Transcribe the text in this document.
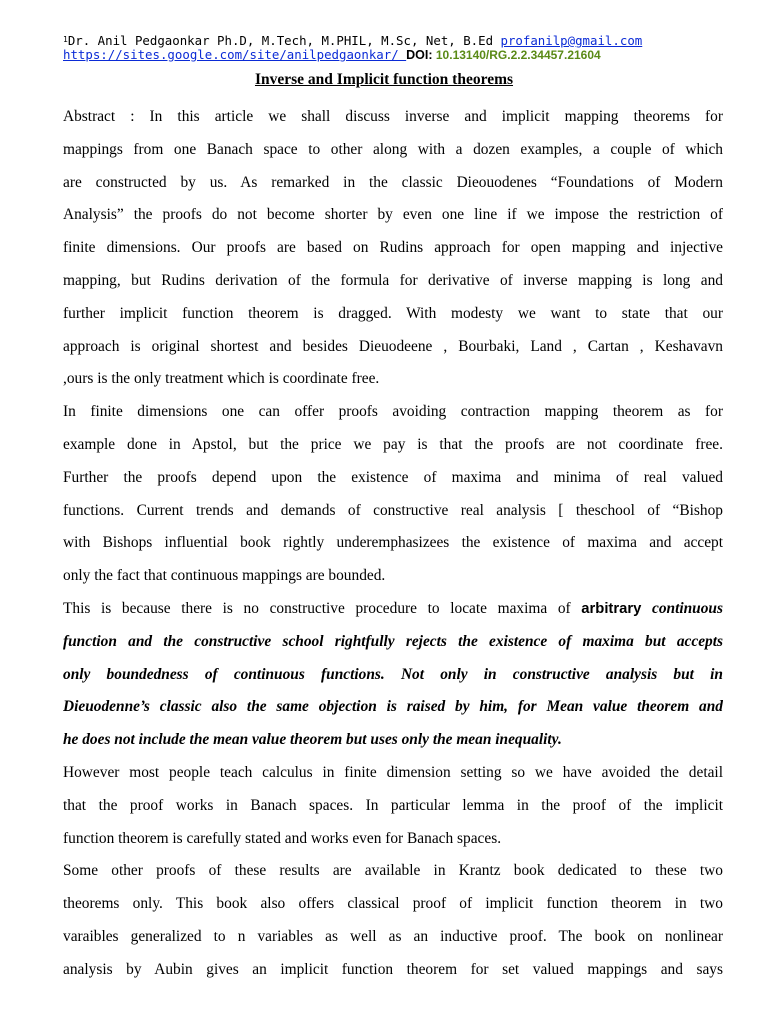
$^1$Dr. Anil Pedgaonkar Ph.D, M.Tech, M.PHIL, M.Sc, Net, B.Ed profanilp@gmail.com
https://sites.google.com/site/anilpedgaonkar/ DOI: 10.13140/RG.2.2.34457.21604
Inverse and Implicit function theorems
Abstract : In this article we shall discuss inverse and implicit mapping theorems for
mappings from one Banach space to other along with a dozen examples, a couple of which
are constructed by us. As remarked in the classic Dieouodenes “Foundations of Modern
Analysis” the proofs do not become shorter by even one line if we impose the restriction of
finite dimensions. Our proofs are based on Rudins approach for open mapping and injective
mapping, but Rudins derivation of the formula for derivative of inverse mapping is long and
further implicit function theorem is dragged. With modesty we want to state that our
approach is original shortest and besides Dieuodeene , Bourbaki, Land , Cartan , Keshavavn
,ours is the only treatment which is coordinate free.
In finite dimensions one can offer proofs avoiding contraction mapping theorem as for
example done in Apstol, but the price we pay is that the proofs are not coordinate free.
Further the proofs depend upon the existence of maxima and minima of real valued
functions. Current trends and demands of constructive real analysis [ theschool of “Bishop
with Bishops influential book rightly underemphasizees the existence of maxima and accept
only the fact that continuous mappings are bounded.
This is because there is no constructive procedure to locate maxima of arbitrary continuous
function and the constructive school rightfully rejects the existence of maxima but accepts
only boundedness of continuous functions. Not only in constructive analysis but in
Dieuodenne’s classic also the same objection is raised by him, for Mean value theorem and
he does not include the mean value theorem but uses only the mean inequality.
However most people teach calculus in finite dimension setting so we have avoided the detail
that the proof works in Banach spaces. In particular lemma in the proof of the implicit
function theorem is carefully stated and works even for Banach spaces.
Some other proofs of these results are available in Krantz book dedicated to these two
theorems only. This book also offers classical proof of implicit function theorem in two
varaibles generalized to n variables as well as an inductive proof. The book on nonlinear
analysis by Aubin gives an implicit function theorem for set valued mappings and says
